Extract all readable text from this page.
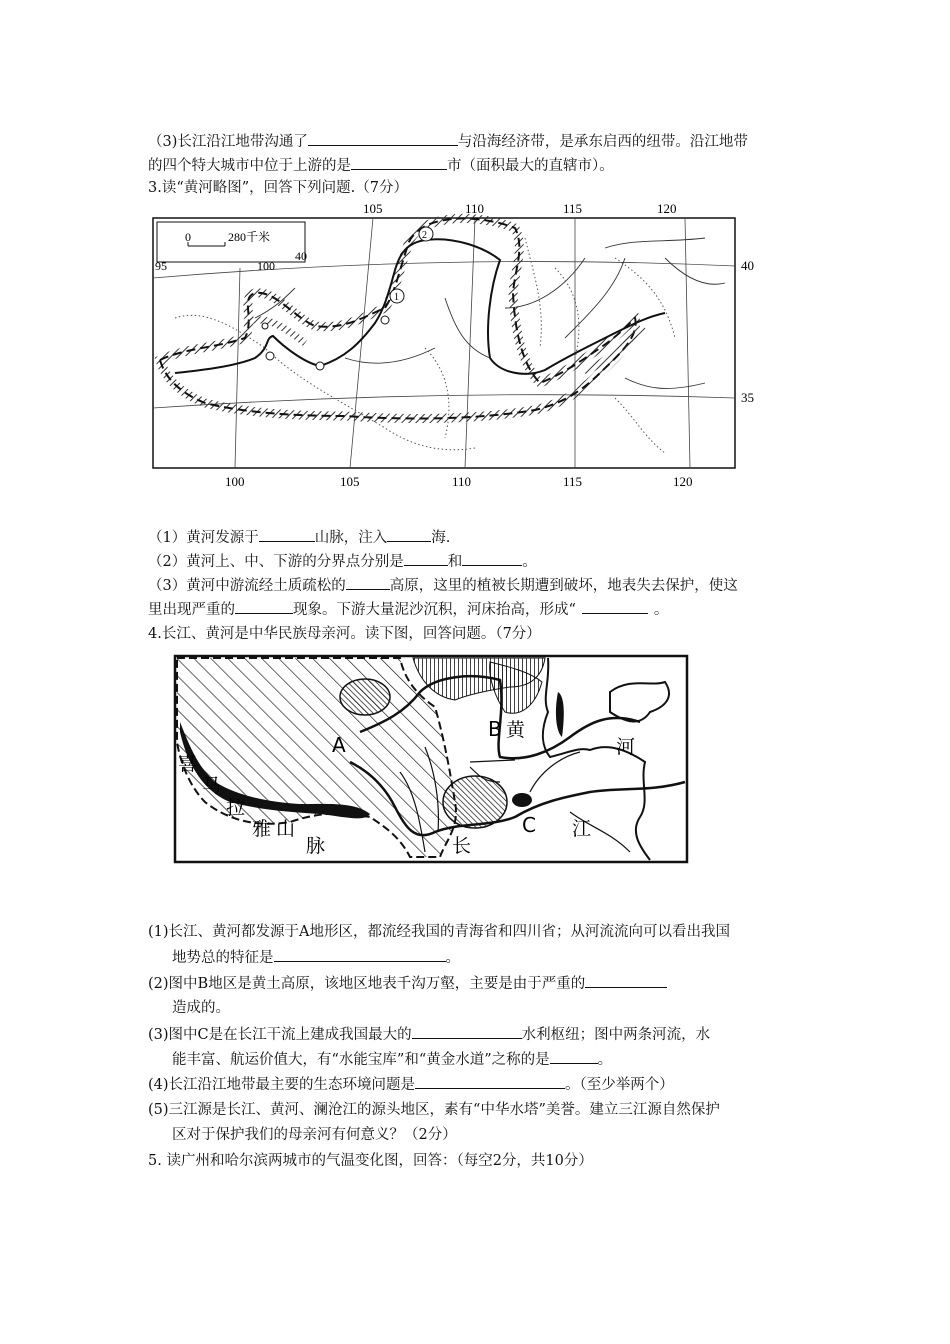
（3)长江沿江地带沟通了	与沿海经济带，是承东启西的纽带。沿江地带
的四个特大城市中位于上游的是	市（面积最大的直辖市）。
3.读“黄河略图”，回答下列问题.（7分）
0	280千米
105	110	115	120
95	100
40
40
35
100	105	110	115	120
1
2
（1）黄河发源于	山脉，注入	海.
（2）黄河上、中、下游的分界点分别是	和	。
（3）黄河中游流经土质疏松的	高原，这里的植被长期遭到破坏，地表失去保护，使这
里出现严重的	现象。下游大量泥沙沉积，河床抬高，形成“	。
4.长江、黄河是中华民族母亲河。读下图，回答问题。（7分）
A
B 黄
河
C
长
江
喜
马
拉
雅 山
脉
(1)长江、黄河都发源于A地形区，都流经我国的青海省和四川省；从河流流向可以看出我国
地势总的特征是	。
(2)图中B地区是黄土高原，该地区地表千沟万壑，主要是由于严重的
造成的。
(3)图中C是在长江干流上建成我国最大的	水利枢纽；图中两条河流，水
能丰富、航运价值大，有“水能宝库”和“黄金水道”之称的是	。
(4)长江沿江地带最主要的生态环境问题是	。（至少举两个）
(5)三江源是长江、黄河、澜沧江的源头地区，素有“中华水塔”美誉。建立三江源自然保护
区对于保护我们的母亲河有何意义？（2分）
5. 读广州和哈尔滨两城市的气温变化图，回答：（每空2分，共10分）
